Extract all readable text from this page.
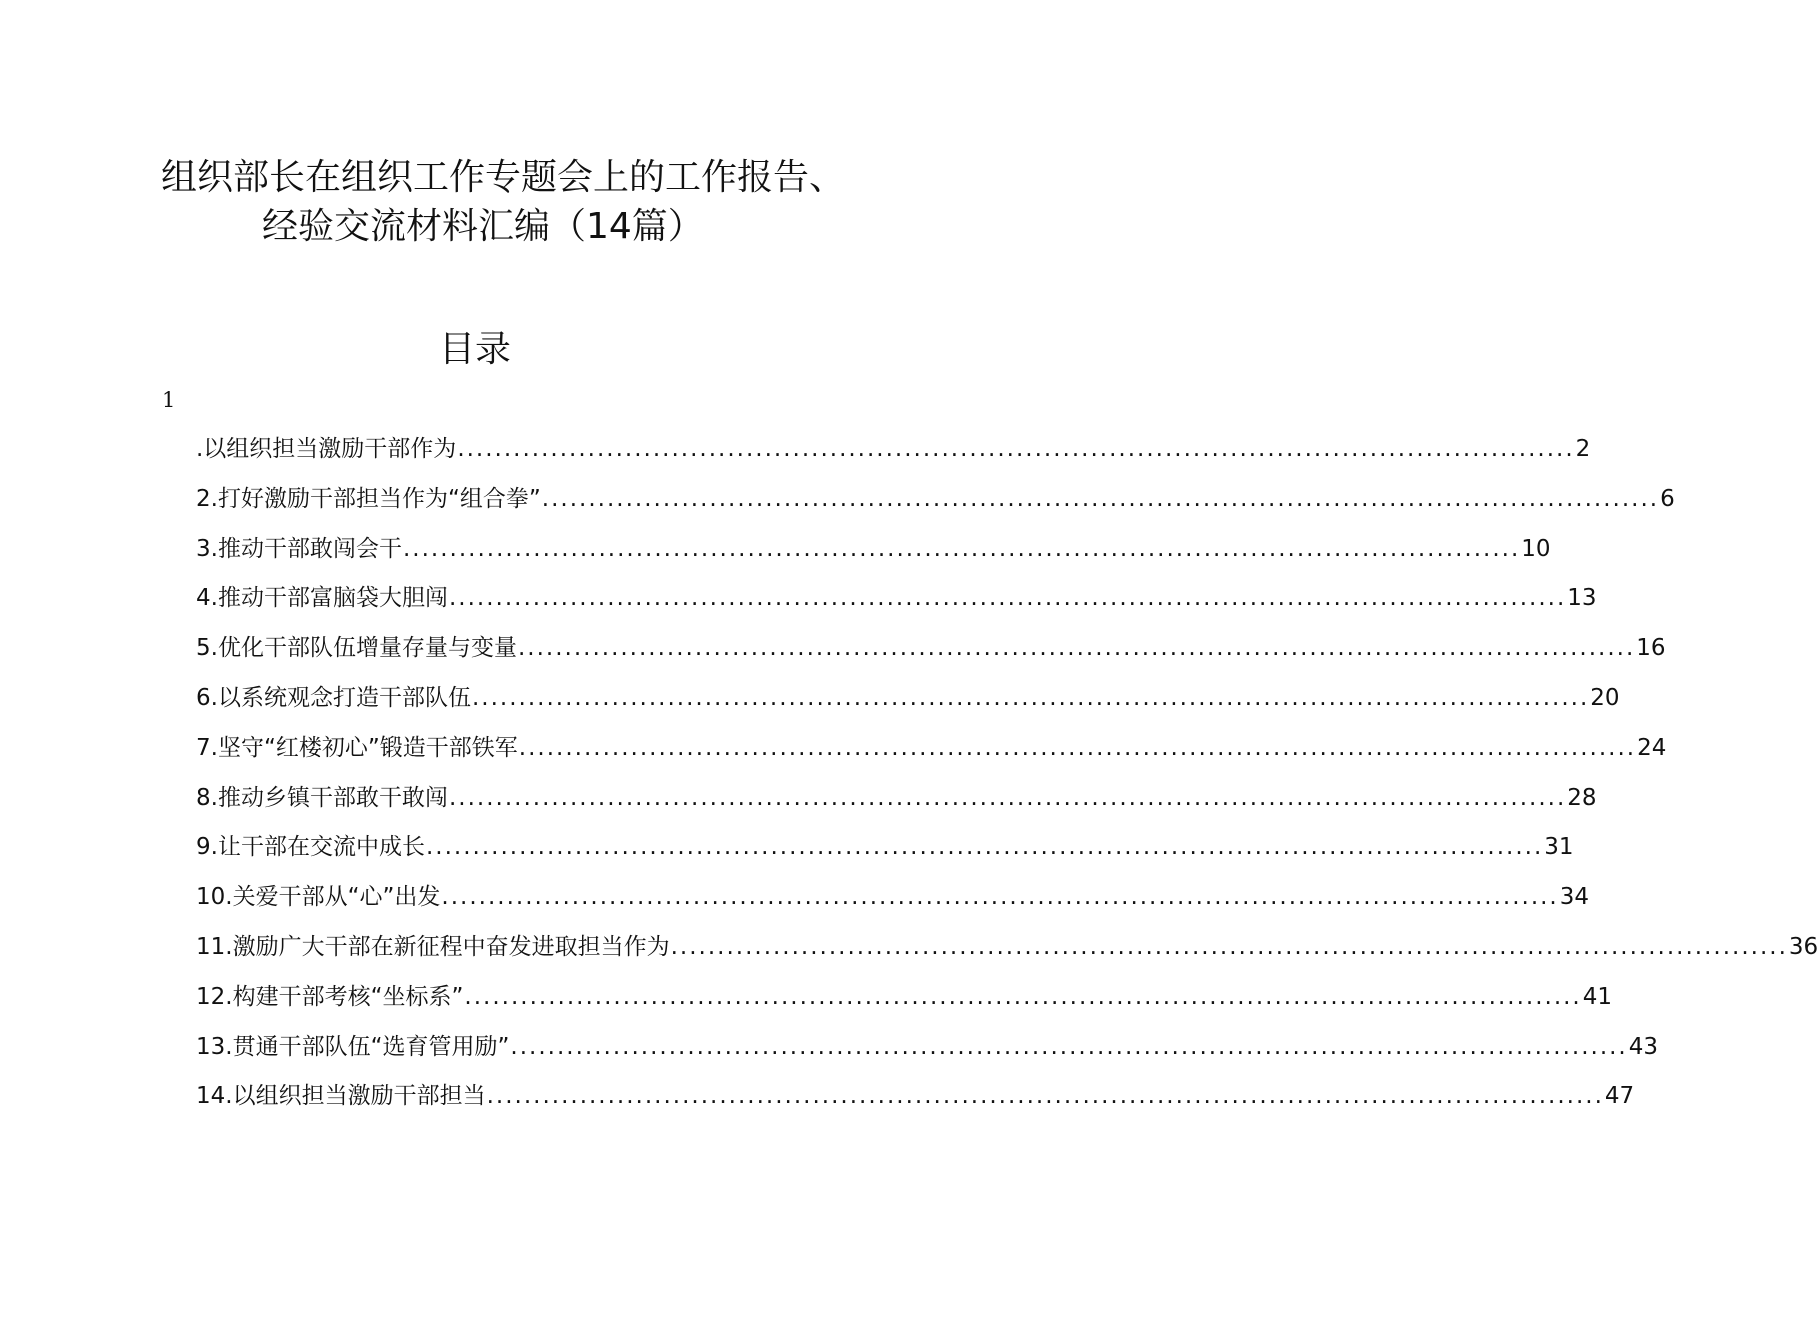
组织部长在组织工作专题会上的工作报告、
经验交流材料汇编（14篇）
目录
1
.以组织担当激励干部作为 ........................................................................................................................ 2
2.打好激励干部担当作为“组合拳” ........................................................................................................................ 6
3.推动干部敢闯会干 ........................................................................................................................ 10
4.推动干部富脑袋大胆闯 ........................................................................................................................ 13
5.优化干部队伍增量存量与变量 ........................................................................................................................ 16
6.以系统观念打造干部队伍 ........................................................................................................................ 20
7.坚守“红楼初心”锻造干部铁军 ........................................................................................................................ 24
8.推动乡镇干部敢干敢闯 ........................................................................................................................ 28
9.让干部在交流中成长 ........................................................................................................................ 31
10.关爱干部从“心”出发 ........................................................................................................................ 34
11.激励广大干部在新征程中奋发进取担当作为 ........................................................................................................................ 36
12.构建干部考核“坐标系” ........................................................................................................................ 41
13.贯通干部队伍“选育管用励” ........................................................................................................................ 43
14.以组织担当激励干部担当 ........................................................................................................................ 47
